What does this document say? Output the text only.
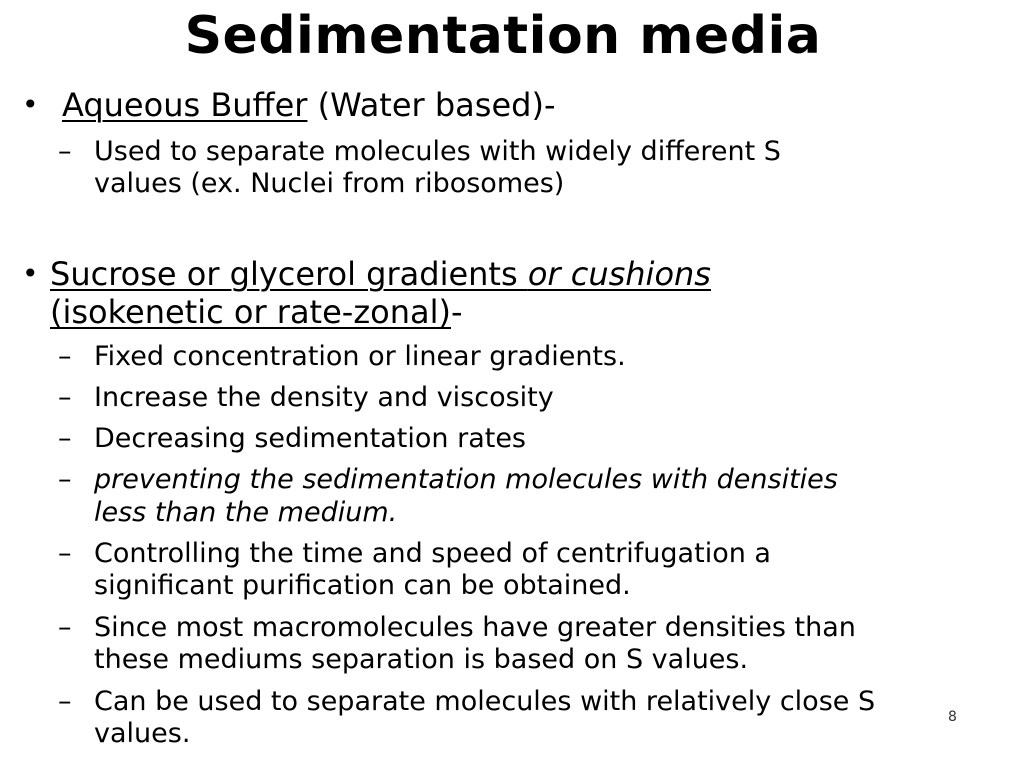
Sedimentation media
• Aqueous Buffer (Water based)-
– Used to separate molecules with widely different S
values (ex. Nuclei from ribosomes)
• Sucrose or glycerol gradients or cushions
(isokenetic or rate-zonal)-
– Fixed concentration or linear gradients.
– Increase the density and viscosity
– Decreasing sedimentation rates
– preventing the sedimentation molecules with densities
less than the medium.
– Controlling the time and speed of centrifugation a
significant purification can be obtained.
– Since most macromolecules have greater densities than
these mediums separation is based on S values.
– Can be used to separate molecules with relatively close S
values.
8
